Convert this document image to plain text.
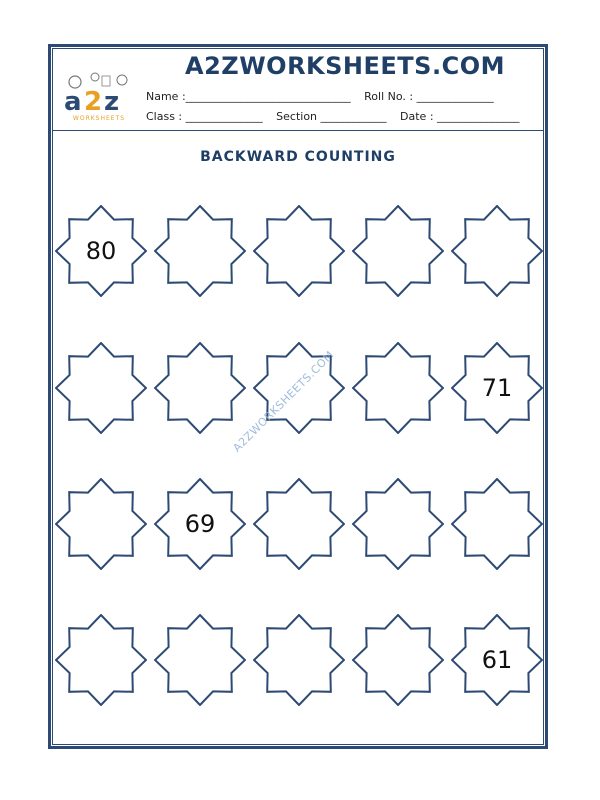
a 2 z
WORKSHEETS
A2ZWORKSHEETS.COM
Name :______________________________ Roll No. : ______________
Class : ______________ Section ____________ Date : _______________
BACKWARD COUNTING
80
71
69
61
A2ZWORKSHEETS.COM
